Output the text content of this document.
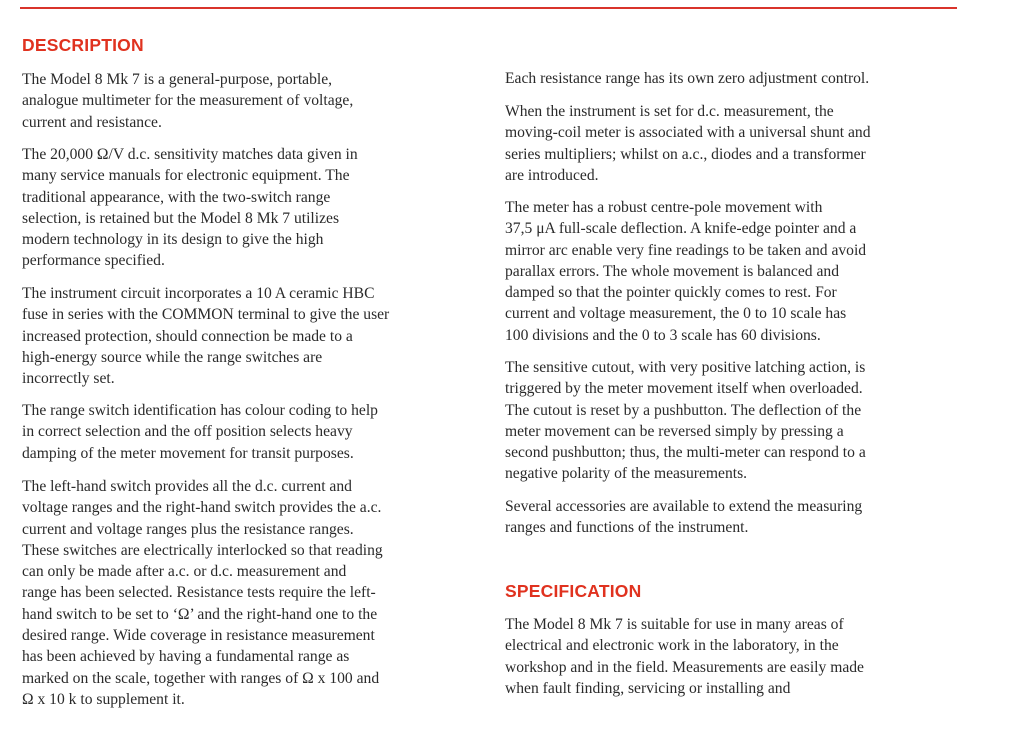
DESCRIPTION

The Model 8 Mk 7 is a general-purpose, portable,
analogue multimeter for the measurement of voltage,
current and resistance.

The 20,000 Ω/V d.c. sensitivity matches data given in
many service manuals for electronic equipment. The
traditional appearance, with the two-switch range
selection, is retained but the Model 8 Mk 7 utilizes
modern technology in its design to give the high
performance specified.

The instrument circuit incorporates a 10 A ceramic HBC
fuse in series with the COMMON terminal to give the user
increased protection, should connection be made to a
high-energy source while the range switches are
incorrectly set.

The range switch identification has colour coding to help
in correct selection and the off position selects heavy
damping of the meter movement for transit purposes.

The left-hand switch provides all the d.c. current and
voltage ranges and the right-hand switch provides the a.c.
current and voltage ranges plus the resistance ranges.
These switches are electrically interlocked so that reading
can only be made after a.c. or d.c. measurement and
range has been selected. Resistance tests require the left-
hand switch to be set to ‘Ω’ and the right-hand one to the
desired range. Wide coverage in resistance measurement
has been achieved by having a fundamental range as
marked on the scale, together with ranges of Ω x 100 and
Ω x 10 k to supplement it.

Each resistance range has its own zero adjustment control.

When the instrument is set for d.c. measurement, the
moving-coil meter is associated with a universal shunt and
series multipliers; whilst on a.c., diodes and a transformer
are introduced.

The meter has a robust centre-pole movement with
37,5 μA full-scale deflection. A knife-edge pointer and a
mirror arc enable very fine readings to be taken and avoid
parallax errors. The whole movement is balanced and
damped so that the pointer quickly comes to rest. For
current and voltage measurement, the 0 to 10 scale has
100 divisions and the 0 to 3 scale has 60 divisions.

The sensitive cutout, with very positive latching action, is
triggered by the meter movement itself when overloaded.
The cutout is reset by a pushbutton. The deflection of the
meter movement can be reversed simply by pressing a
second pushbutton; thus, the multi-meter can respond to a
negative polarity of the measurements.

Several accessories are available to extend the measuring
ranges and functions of the instrument.

SPECIFICATION

The Model 8 Mk 7 is suitable for use in many areas of
electrical and electronic work in the laboratory, in the
workshop and in the field. Measurements are easily made
when fault finding, servicing or installing and
